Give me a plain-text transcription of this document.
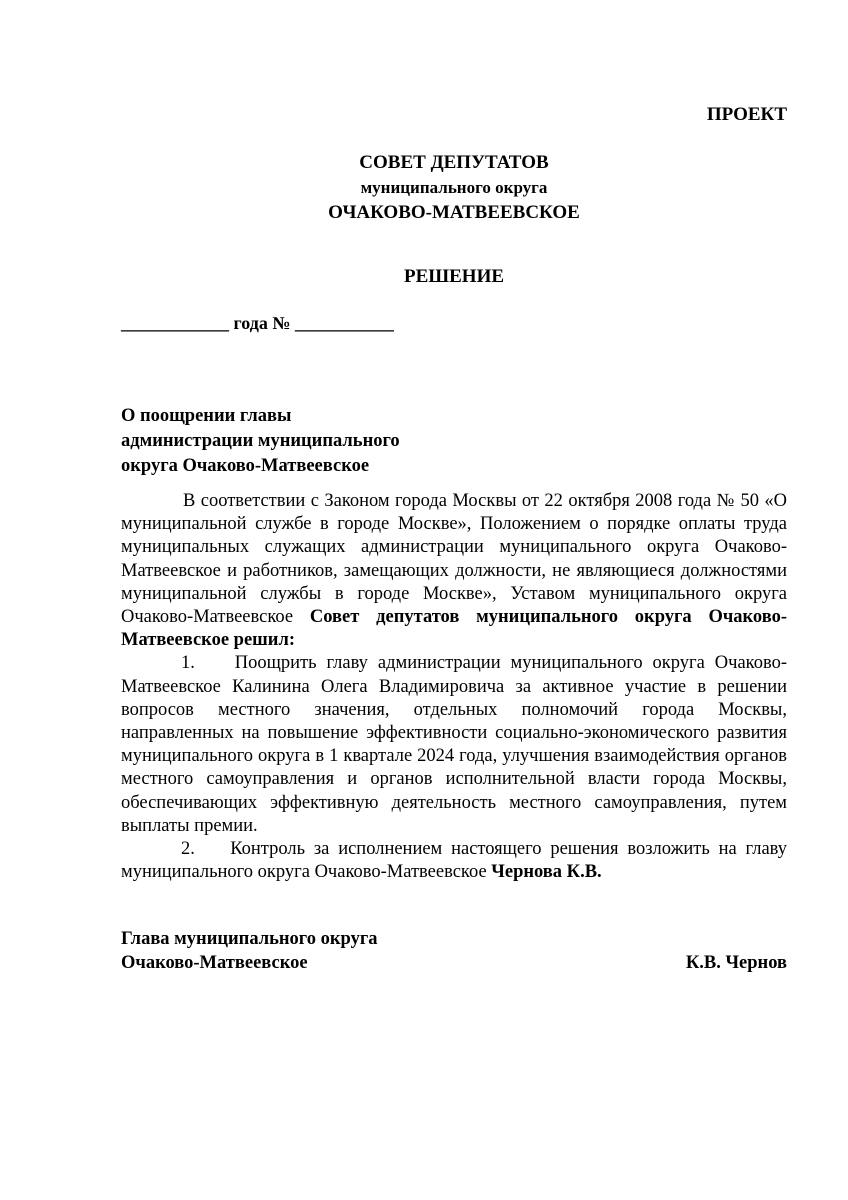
ПРОЕКТ
СОВЕТ ДЕПУТАТОВ
муниципального округа
ОЧАКОВО-МАТВЕЕВСКОЕ
РЕШЕНИЕ
____________ года № ___________
О поощрении главы
администрации муниципального
округа Очаково-Матвеевское

В соответствии с Законом города Москвы от 22 октября 2008 года № 50 «О муниципальной службе в городе Москве», Положением о порядке оплаты труда муниципальных служащих администрации муниципального округа Очаково-Матвеевское и работников, замещающих должности, не являющиеся должностями муниципальной службы в городе Москве», Уставом муниципального округа Очаково-Матвеевское Совет депутатов муниципального округа Очаково-Матвеевское решил:

1. Поощрить главу администрации муниципального округа Очаково-Матвеевское Калинина Олега Владимировича за активное участие в решении вопросов местного значения, отдельных полномочий города Москвы, направленных на повышение эффективности социально-экономического развития муниципального округа в 1 квартале 2024 года, улучшения взаимодействия органов местного самоуправления и органов исполнительной власти города Москвы, обеспечивающих эффективную деятельность местного самоуправления, путем выплаты премии.

2. Контроль за исполнением настоящего решения возложить на главу муниципального округа Очаково-Матвеевское Чернова К.В.

Глава муниципального округа
Очаково-Матвеевское	К.В. Чернов
